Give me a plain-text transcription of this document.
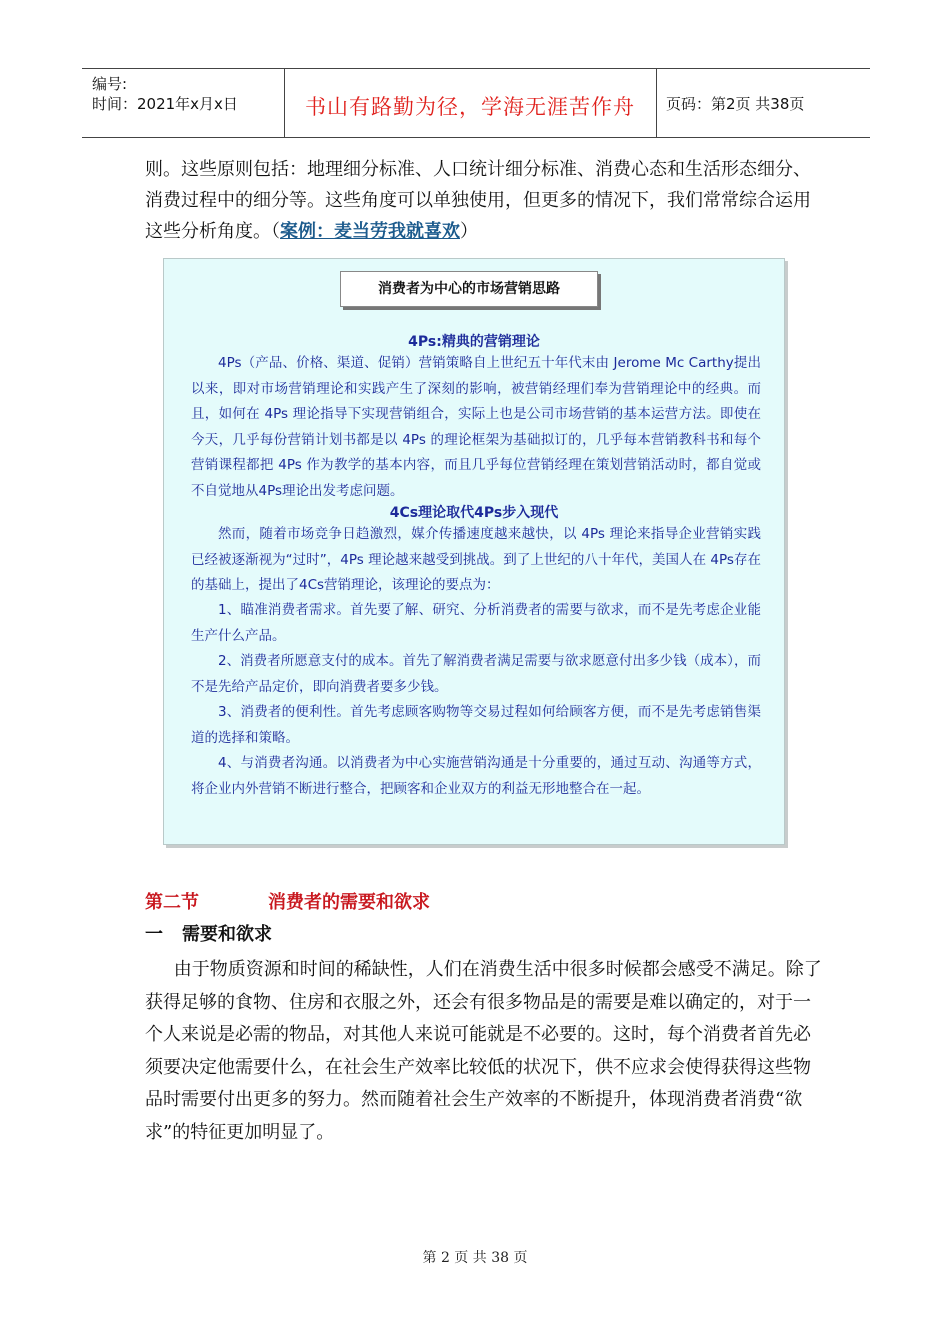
编号:
时间：2021年x月x日	书山有路勤为径，学海无涯苦作舟	页码：第2页 共38页
则。这些原则包括：地理细分标准、人口统计细分标准、消费心态和生活形态细分、消费过程中的细分等。这些角度可以单独使用，但更多的情况下，我们常常综合运用这些分析角度。（案例：麦当劳我就喜欢）
消费者为中心的市场营销思路
4Ps:精典的营销理论
4Ps（产品、价格、渠道、促销）营销策略自上世纪五十年代末由 Jerome Mc Carthy提出以来，即对市场营销理论和实践产生了深刻的影响，被营销经理们奉为营销理论中的经典。而且，如何在 4Ps 理论指导下实现营销组合，实际上也是公司市场营销的基本运营方法。即使在今天，几乎每份营销计划书都是以 4Ps 的理论框架为基础拟订的，几乎每本营销教科书和每个营销课程都把 4Ps 作为教学的基本内容，而且几乎每位营销经理在策划营销活动时，都自觉或不自觉地从4Ps理论出发考虑问题。
4Cs理论取代4Ps步入现代
然而，随着市场竞争日趋激烈，媒介传播速度越来越快，以 4Ps 理论来指导企业营销实践已经被逐渐视为“过时”，4Ps 理论越来越受到挑战。到了上世纪的八十年代，美国人在 4Ps存在的基础上，提出了4Cs营销理论，该理论的要点为：
1、瞄准消费者需求。首先要了解、研究、分析消费者的需要与欲求，而不是先考虑企业能生产什么产品。
2、消费者所愿意支付的成本。首先了解消费者满足需要与欲求愿意付出多少钱（成本），而不是先给产品定价，即向消费者要多少钱。
3、消费者的便利性。首先考虑顾客购物等交易过程如何给顾客方便，而不是先考虑销售渠道的选择和策略。
4、与消费者沟通。以消费者为中心实施营销沟通是十分重要的，通过互动、沟通等方式，将企业内外营销不断进行整合，把顾客和企业双方的利益无形地整合在一起。
第二节	消费者的需要和欲求
一 需要和欲求
由于物质资源和时间的稀缺性，人们在消费生活中很多时候都会感受不满足。除了获得足够的食物、住房和衣服之外，还会有很多物品是的需要是难以确定的，对于一个人来说是必需的物品，对其他人来说可能就是不必要的。这时，每个消费者首先必须要决定他需要什么，在社会生产效率比较低的状况下，供不应求会使得获得这些物品时需要付出更多的努力。然而随着社会生产效率的不断提升，体现消费者消费“欲求”的特征更加明显了。
第 2 页 共 38 页
